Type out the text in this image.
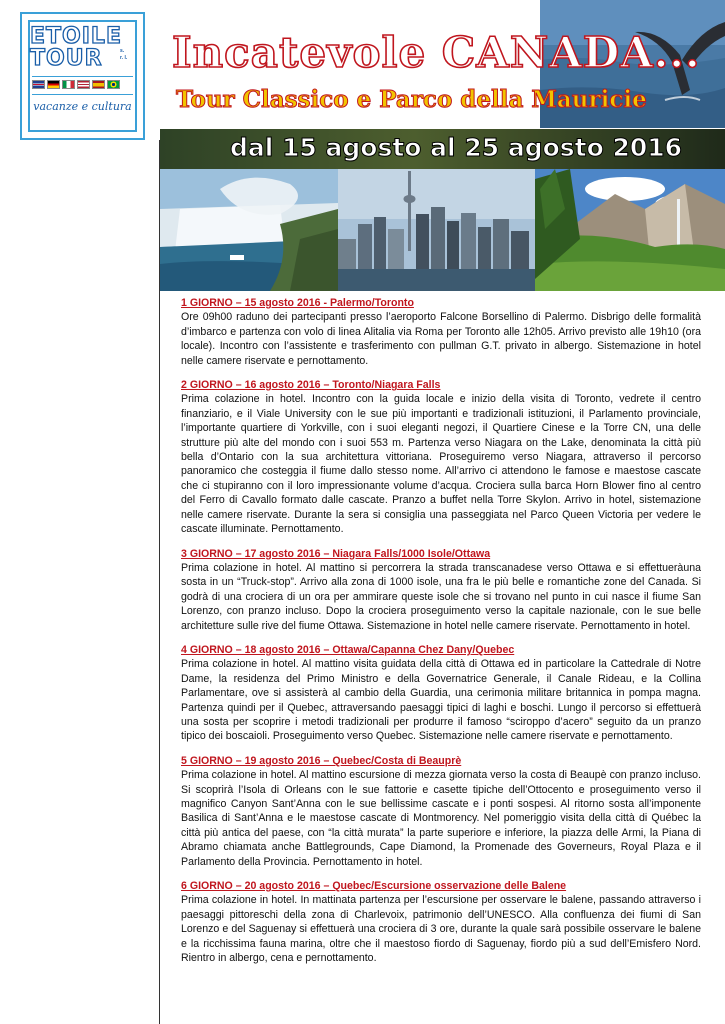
ETOILE
TOUR	s. r. l.
vacanze e cultura
Incatevole CANADA...
Tour Classico e Parco della Mauricie
dal 15 agosto al 25 agosto 2016
1 GIORNO – 15 agosto 2016 - Palermo/Toronto
Ore 09h00 raduno dei partecipanti presso l’aeroporto Falcone Borsellino di Palermo. Disbrigo delle formalità d’imbarco e partenza con volo di linea Alitalia via Roma per Toronto alle 12h05. Arrivo previsto alle 19h10 (ora locale). Incontro con l’assistente e trasferimento con pullman G.T. privato in albergo. Sistemazione in hotel nelle camere riservate e pernottamento.
2 GIORNO – 16 agosto 2016 – Toronto/Niagara Falls
Prima colazione in hotel. Incontro con la guida locale e inizio della visita di Toronto, vedrete il centro finanziario, e il Viale University con le sue più importanti e tradizionali istituzioni, il Parlamento provinciale, l’importante quartiere di Yorkville, con i suoi eleganti negozi, il Quartiere Cinese e la Torre CN, una delle strutture più alte del mondo con i suoi 553 m. Partenza verso Niagara on the Lake, denominata la città più bella d’Ontario con la sua architettura vittoriana. Proseguiremo verso Niagara, attraverso il percorso panoramico che costeggia il fiume dallo stesso nome. All’arrivo ci attendono le famose e maestose cascate che ci stupiranno con il loro impressionante volume d’acqua. Crociera sulla barca Horn Blower fino al centro del Ferro di Cavallo formato dalle cascate. Pranzo a buffet nella Torre Skylon. Arrivo in hotel, sistemazione nelle camere riservate. Durante la sera si consiglia una passeggiata nel Parco Queen Victoria per vedere le cascate illuminate. Pernottamento.
3 GIORNO – 17 agosto 2016 – Niagara Falls/1000 Isole/Ottawa
Prima colazione in hotel. Al mattino si percorrera la strada transcanadese verso Ottawa e si effettueràuna sosta in un “Truck-stop”. Arrivo alla zona di 1000 isole, una fra le più belle e romantiche zone del Canada. Si godrà di una crociera di un ora per ammirare queste isole che si trovano nel punto in cui nasce il fiume San Lorenzo, con pranzo incluso. Dopo la crociera proseguimento verso la capitale nazionale, con le sue belle architetture sulle rive del fiume Ottawa. Sistemazione in hotel nelle camere riservate. Pernottamento in hotel.
4 GIORNO – 18 agosto 2016 – Ottawa/Capanna Chez Dany/Quebec
Prima colazione in hotel. Al mattino visita guidata della città di Ottawa ed in particolare la Cattedrale di Notre Dame, la residenza del Primo Ministro e della Governatrice Generale, il Canale Rideau, e la Collina Parlamentare, ove si assisterà al cambio della Guardia, una cerimonia militare britannica in pompa magna. Partenza quindi per il Quebec, attraversando paesaggi tipici di laghi e boschi. Lungo il percorso si effettuerà una sosta per scoprire i metodi tradizionali per produrre il famoso “sciroppo d’acero” seguito da un pranzo tipico dei boscaioli. Proseguimento verso Quebec. Sistemazione nelle camere riservate e pernottamento.
5 GIORNO – 19 agosto 2016 – Quebec/Costa di Beauprè
Prima colazione in hotel. Al mattino escursione di mezza giornata verso la costa di Beaupè con pranzo incluso. Si scoprirà l’Isola di Orleans con le sue fattorie e casette tipiche dell’Ottocento e proseguimento verso il magnifico Canyon Sant’Anna con le sue bellissime cascate e i ponti sospesi. Al ritorno sosta all’imponente Basilica di Sant’Anna e le maestose cascate di Montmorency. Nel pomeriggio visita della città di Québec la città più antica del paese, con “la città murata” la parte superiore e inferiore, la piazza delle Armi, la Piana di Abramo chiamata anche Battlegrounds, Cape Diamond, la Promenade des Governeurs, Royal Plaza e il Parlamento della Provincia. Pernottamento in hotel.
6 GIORNO – 20 agosto 2016 – Quebec/Escursione osservazione delle Balene
Prima colazione in hotel. In mattinata partenza per l’escursione per osservare le balene, passando attraverso i paesaggi pittoreschi della zona di Charlevoix, patrimonio dell’UNESCO. Alla confluenza dei fiumi di San Lorenzo e del Saguenay si effettuerà una crociera di 3 ore, durante la quale sarà possibile osservare le balene e la ricchissima fauna marina, oltre che il maestoso fiordo di Saguenay, fiordo più a sud dell’Emisfero Nord. Rientro in albergo, cena e pernottamento.
